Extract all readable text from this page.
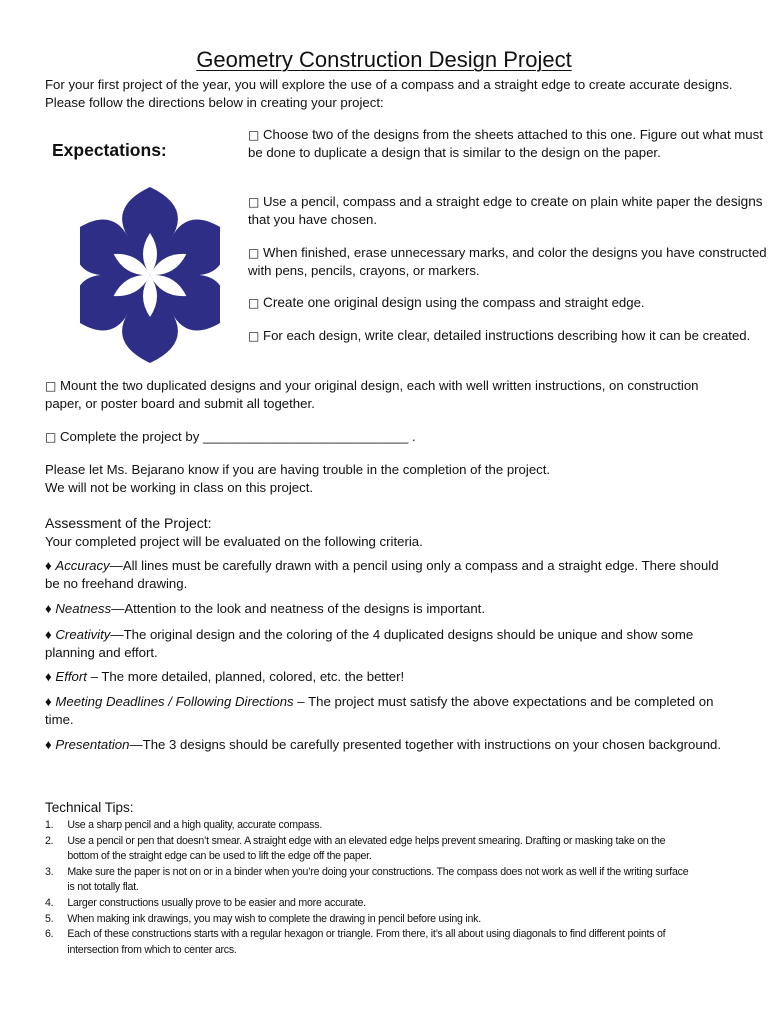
Geometry Construction Design Project

For your first project of the year, you will explore the use of a compass and a straight edge to create accurate designs. Please follow the directions below in creating your project:

Expectations:

□ Choose two of the designs from the sheets attached to this one. Figure out what must be done to duplicate a design that is similar to the design on the paper.

□ Use a pencil, compass and a straight edge to create on plain white paper the designs that you have chosen.

□ When finished, erase unnecessary marks, and color the designs you have constructed with pens, pencils, crayons, or markers.

□ Create one original design using the compass and straight edge.

□ For each design, write clear, detailed instructions describing how it can be created.

□ Mount the two duplicated designs and your original design, each with well written instructions, on construction paper, or poster board and submit all together.

□ Complete the project by ____________________________ .

Please let Ms. Bejarano know if you are having trouble in the completion of the project.

We will not be working in class on this project.

Assessment of the Project:

Your completed project will be evaluated on the following criteria.

♦ Accuracy—All lines must be carefully drawn with a pencil using only a compass and a straight edge. There should be no freehand drawing.

♦ Neatness—Attention to the look and neatness of the designs is important.

♦ Creativity—The original design and the coloring of the 4 duplicated designs should be unique and show some planning and effort.

♦ Effort – The more detailed, planned, colored, etc. the better!

♦ Meeting Deadlines / Following Directions – The project must satisfy the above expectations and be completed on time.

♦ Presentation—The 3 designs should be carefully presented together with instructions on your chosen background.

Technical Tips:
1. Use a sharp pencil and a high quality, accurate compass.
2. Use a pencil or pen that doesn’t smear. A straight edge with an elevated edge helps prevent smearing. Drafting or masking take on the bottom of the straight edge can be used to lift the edge off the paper.
3. Make sure the paper is not on or in a binder when you’re doing your constructions. The compass does not work as well if the writing surface is not totally flat.
4. Larger constructions usually prove to be easier and more accurate.
5. When making ink drawings, you may wish to complete the drawing in pencil before using ink.
6. Each of these constructions starts with a regular hexagon or triangle. From there, it’s all about using diagonals to find different points of intersection from which to center arcs.
